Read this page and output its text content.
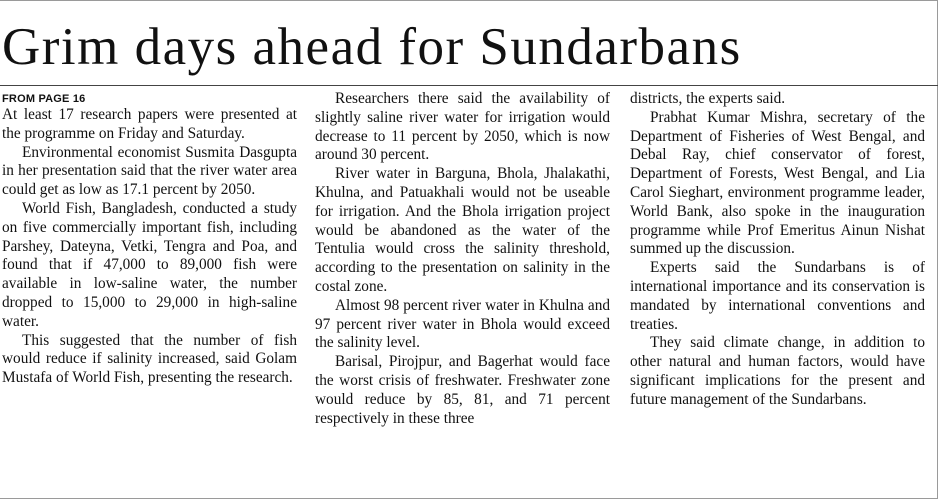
Grim days ahead for Sundarbans
FROM PAGE 16

At least 17 research papers were presented at the programme on Friday and Saturday.

Environmental economist Susmita Dasgupta in her presentation said that the river water area could get as low as 17.1 percent by 2050.

World Fish, Bangladesh, conducted a study on five commercially important fish, including Parshey, Dateyna, Vetki, Tengra and Poa, and found that if 47,000 to 89,000 fish were available in low-saline water, the number dropped to 15,000 to 29,000 in high-saline water.

This suggested that the number of fish would reduce if salinity increased, said Golam Mustafa of World Fish, presenting the research.

Researchers there said the availability of slightly saline river water for irrigation would decrease to 11 percent by 2050, which is now around 30 percent.

River water in Barguna, Bhola, Jhalakathi, Khulna, and Patuakhali would not be useable for irrigation. And the Bhola irrigation project would be abandoned as the water of the Tentulia would cross the salinity threshold, according to the presentation on salinity in the costal zone.

Almost 98 percent river water in Khulna and 97 percent river water in Bhola would exceed the salinity level.

Barisal, Pirojpur, and Bagerhat would face the worst crisis of freshwater. Freshwater zone would reduce by 85, 81, and 71 percent respectively in these three

districts, the experts said.

Prabhat Kumar Mishra, secretary of the Department of Fisheries of West Bengal, and Debal Ray, chief conservator of forest, Department of Forests, West Bengal, and Lia Carol Sieghart, environment programme leader, World Bank, also spoke in the inauguration programme while Prof Emeritus Ainun Nishat summed up the discussion.

Experts said the Sundarbans is of international importance and its conservation is mandated by international conventions and treaties.

They said climate change, in addition to other natural and human factors, would have significant implications for the present and future management of the Sundarbans.
